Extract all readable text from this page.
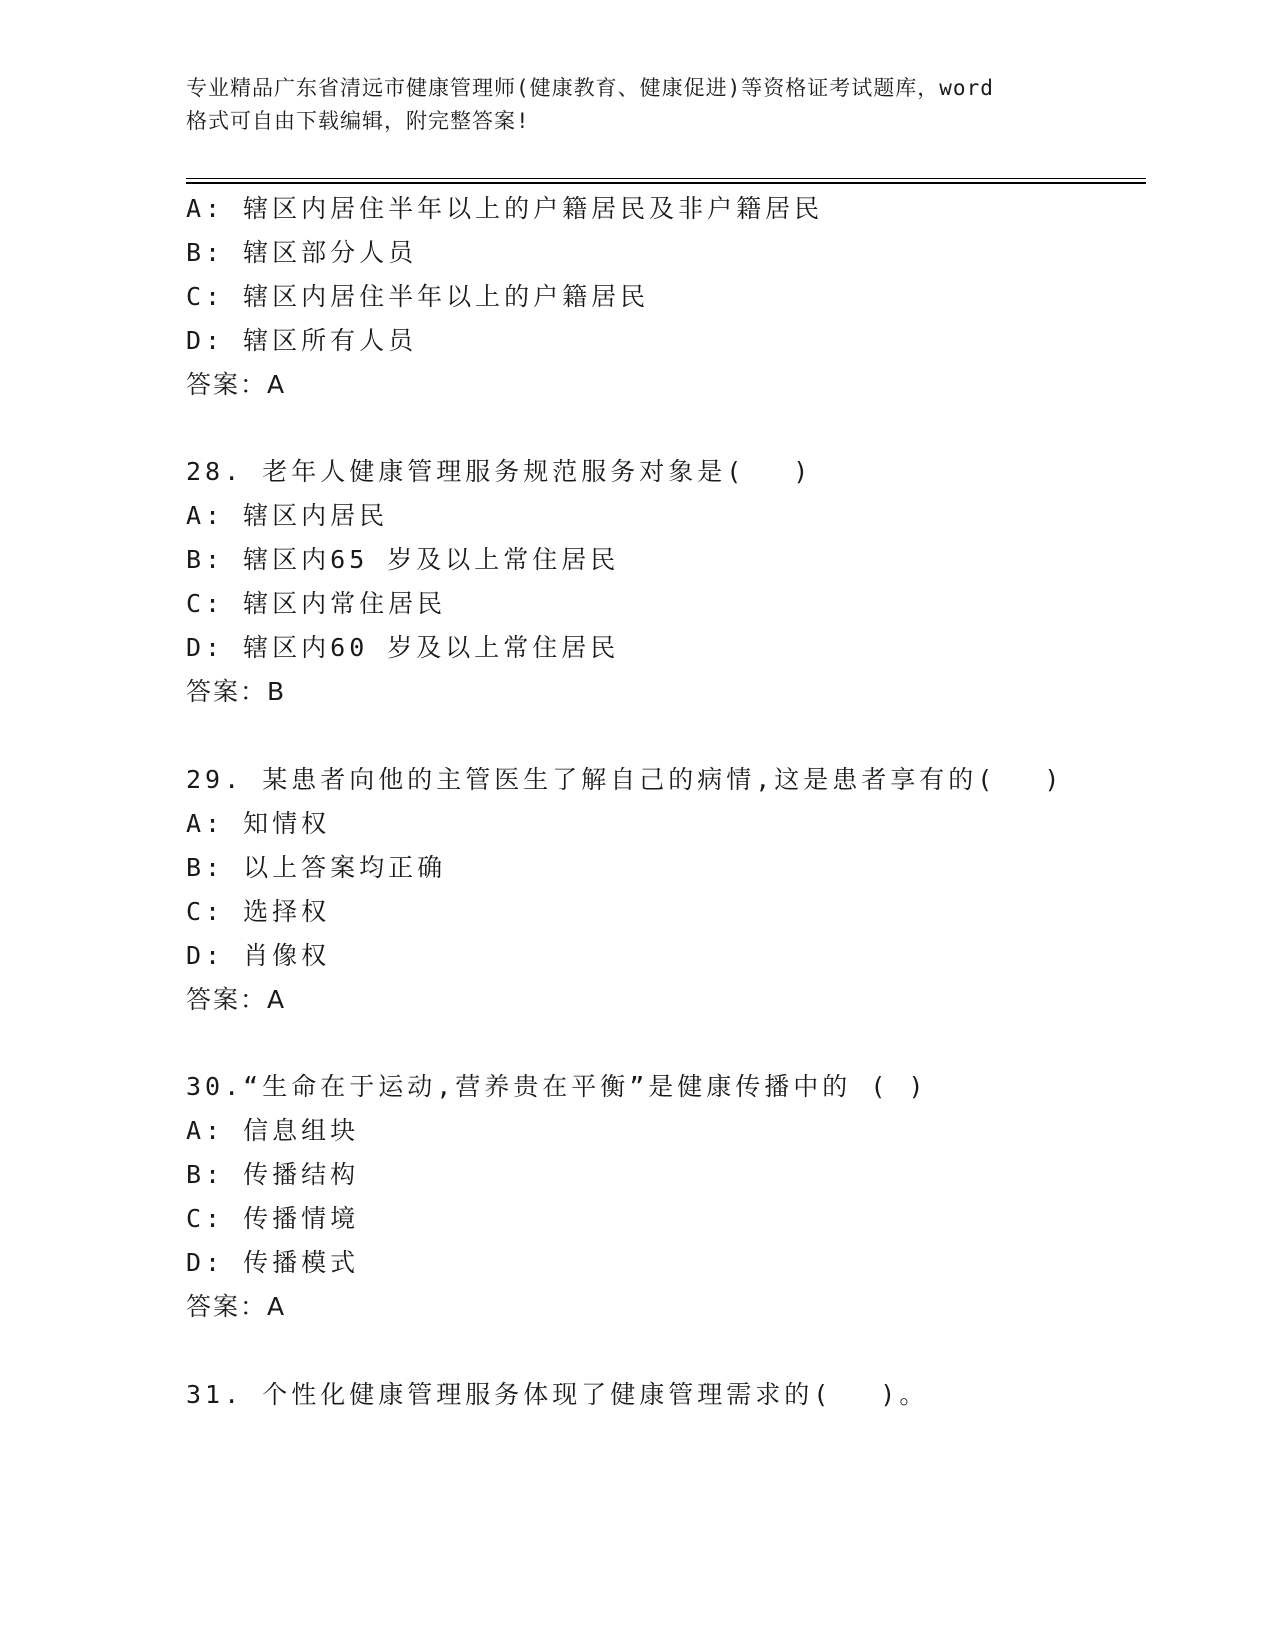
专业精品广东省清远市健康管理师(健康教育、健康促进)等资格证考试题库，word
格式可自由下载编辑，附完整答案!
A: 辖区内居住半年以上的户籍居民及非户籍居民
B: 辖区部分人员
C: 辖区内居住半年以上的户籍居民
D: 辖区所有人员
答案：A
28. 老年人健康管理服务规范服务对象是(　 )
A: 辖区内居民
B: 辖区内65 岁及以上常住居民
C: 辖区内常住居民
D: 辖区内60 岁及以上常住居民
答案：B
29. 某患者向他的主管医生了解自己的病情,这是患者享有的(　 )
A: 知情权
B: 以上答案均正确
C: 选择权
D: 肖像权
答案：A
30.“生命在于运动,营养贵在平衡”是健康传播中的 ( )
A: 信息组块
B: 传播结构
C: 传播情境
D: 传播模式
答案：A
31. 个性化健康管理服务体现了健康管理需求的(　 )。
